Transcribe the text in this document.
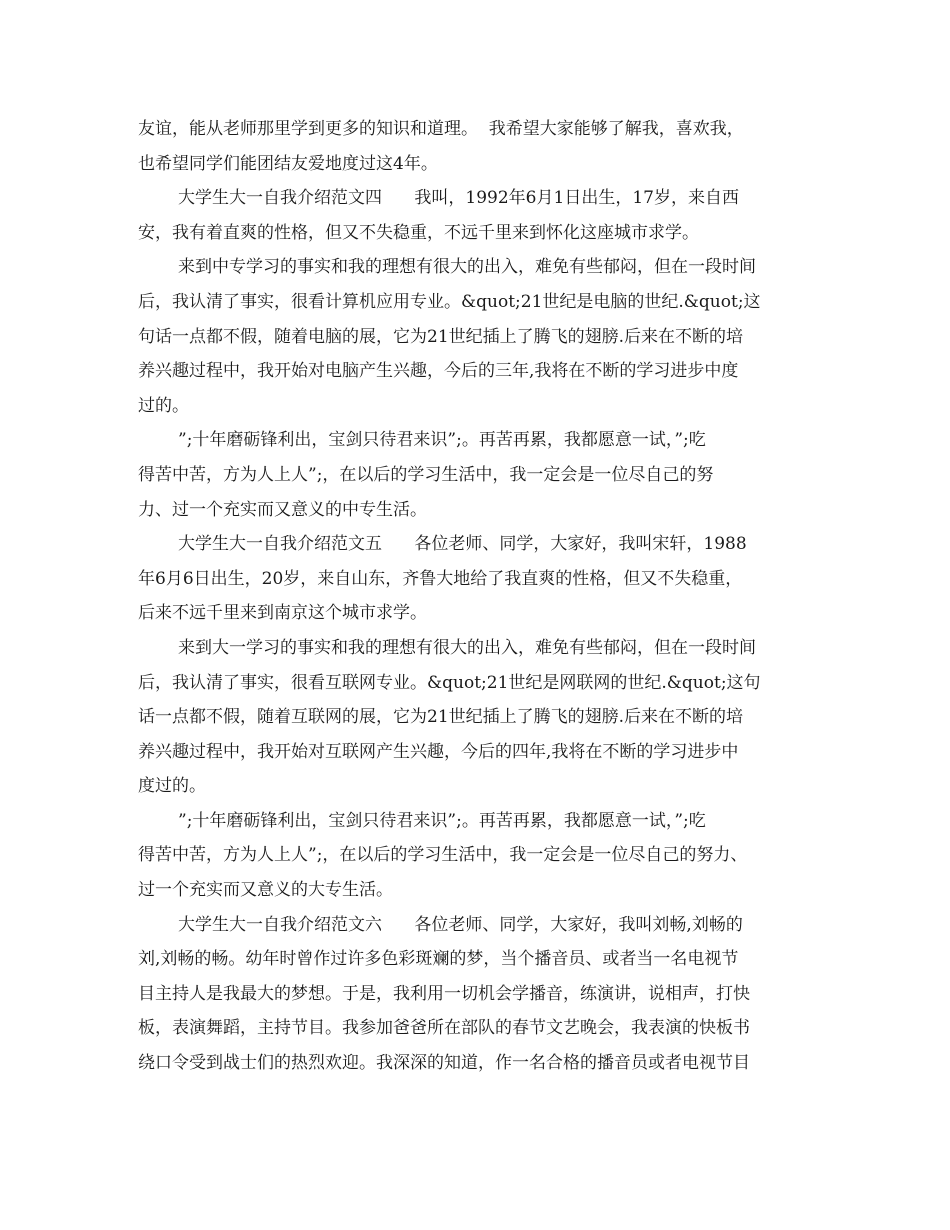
友谊，能从老师那里学到更多的知识和道理。  我希望大家能够了解我，喜欢我，
也希望同学们能团结友爱地度过这4年。
大学生大一自我介绍范文四      我叫，1992年6月1日出生，17岁，来自西
安，我有着直爽的性格，但又不失稳重，不远千里来到怀化这座城市求学。
来到中专学习的事实和我的理想有很大的出入，难免有些郁闷，但在一段时间
后，我认清了事实，很看计算机应用专业。&quot;21世纪是电脑的世纪.&quot;这
句话一点都不假，随着电脑的展，它为21世纪插上了腾飞的翅膀.后来在不断的培
养兴趣过程中，我开始对电脑产生兴趣，今后的三年,我将在不断的学习进步中度
过的。
”;十年磨砺锋利出，宝剑只待君来识”;。再苦再累，我都愿意一试，”;吃
得苦中苦，方为人上人”;，在以后的学习生活中，我一定会是一位尽自己的努
力、过一个充实而又意义的中专生活。
大学生大一自我介绍范文五      各位老师、同学，大家好，我叫宋轩，1988
年6月6日出生，20岁，来自山东，齐鲁大地给了我直爽的性格，但又不失稳重，
后来不远千里来到南京这个城市求学。
来到大一学习的事实和我的理想有很大的出入，难免有些郁闷，但在一段时间
后，我认清了事实，很看互联网专业。&quot;21世纪是网联网的世纪.&quot;这句
话一点都不假，随着互联网的展，它为21世纪插上了腾飞的翅膀.后来在不断的培
养兴趣过程中，我开始对互联网产生兴趣，今后的四年,我将在不断的学习进步中
度过的。
”;十年磨砺锋利出，宝剑只待君来识”;。再苦再累，我都愿意一试，”;吃
得苦中苦，方为人上人”;，在以后的学习生活中，我一定会是一位尽自己的努力、
过一个充实而又意义的大专生活。
大学生大一自我介绍范文六      各位老师、同学，大家好，我叫刘畅,刘畅的
刘,刘畅的畅。幼年时曾作过许多色彩斑斓的梦，当个播音员、或者当一名电视节
目主持人是我最大的梦想。于是，我利用一切机会学播音，练演讲，说相声，打快
板，表演舞蹈，主持节目。我参加爸爸所在部队的春节文艺晚会，我表演的快板书
绕口令受到战士们的热烈欢迎。我深深的知道，作一名合格的播音员或者电视节目
